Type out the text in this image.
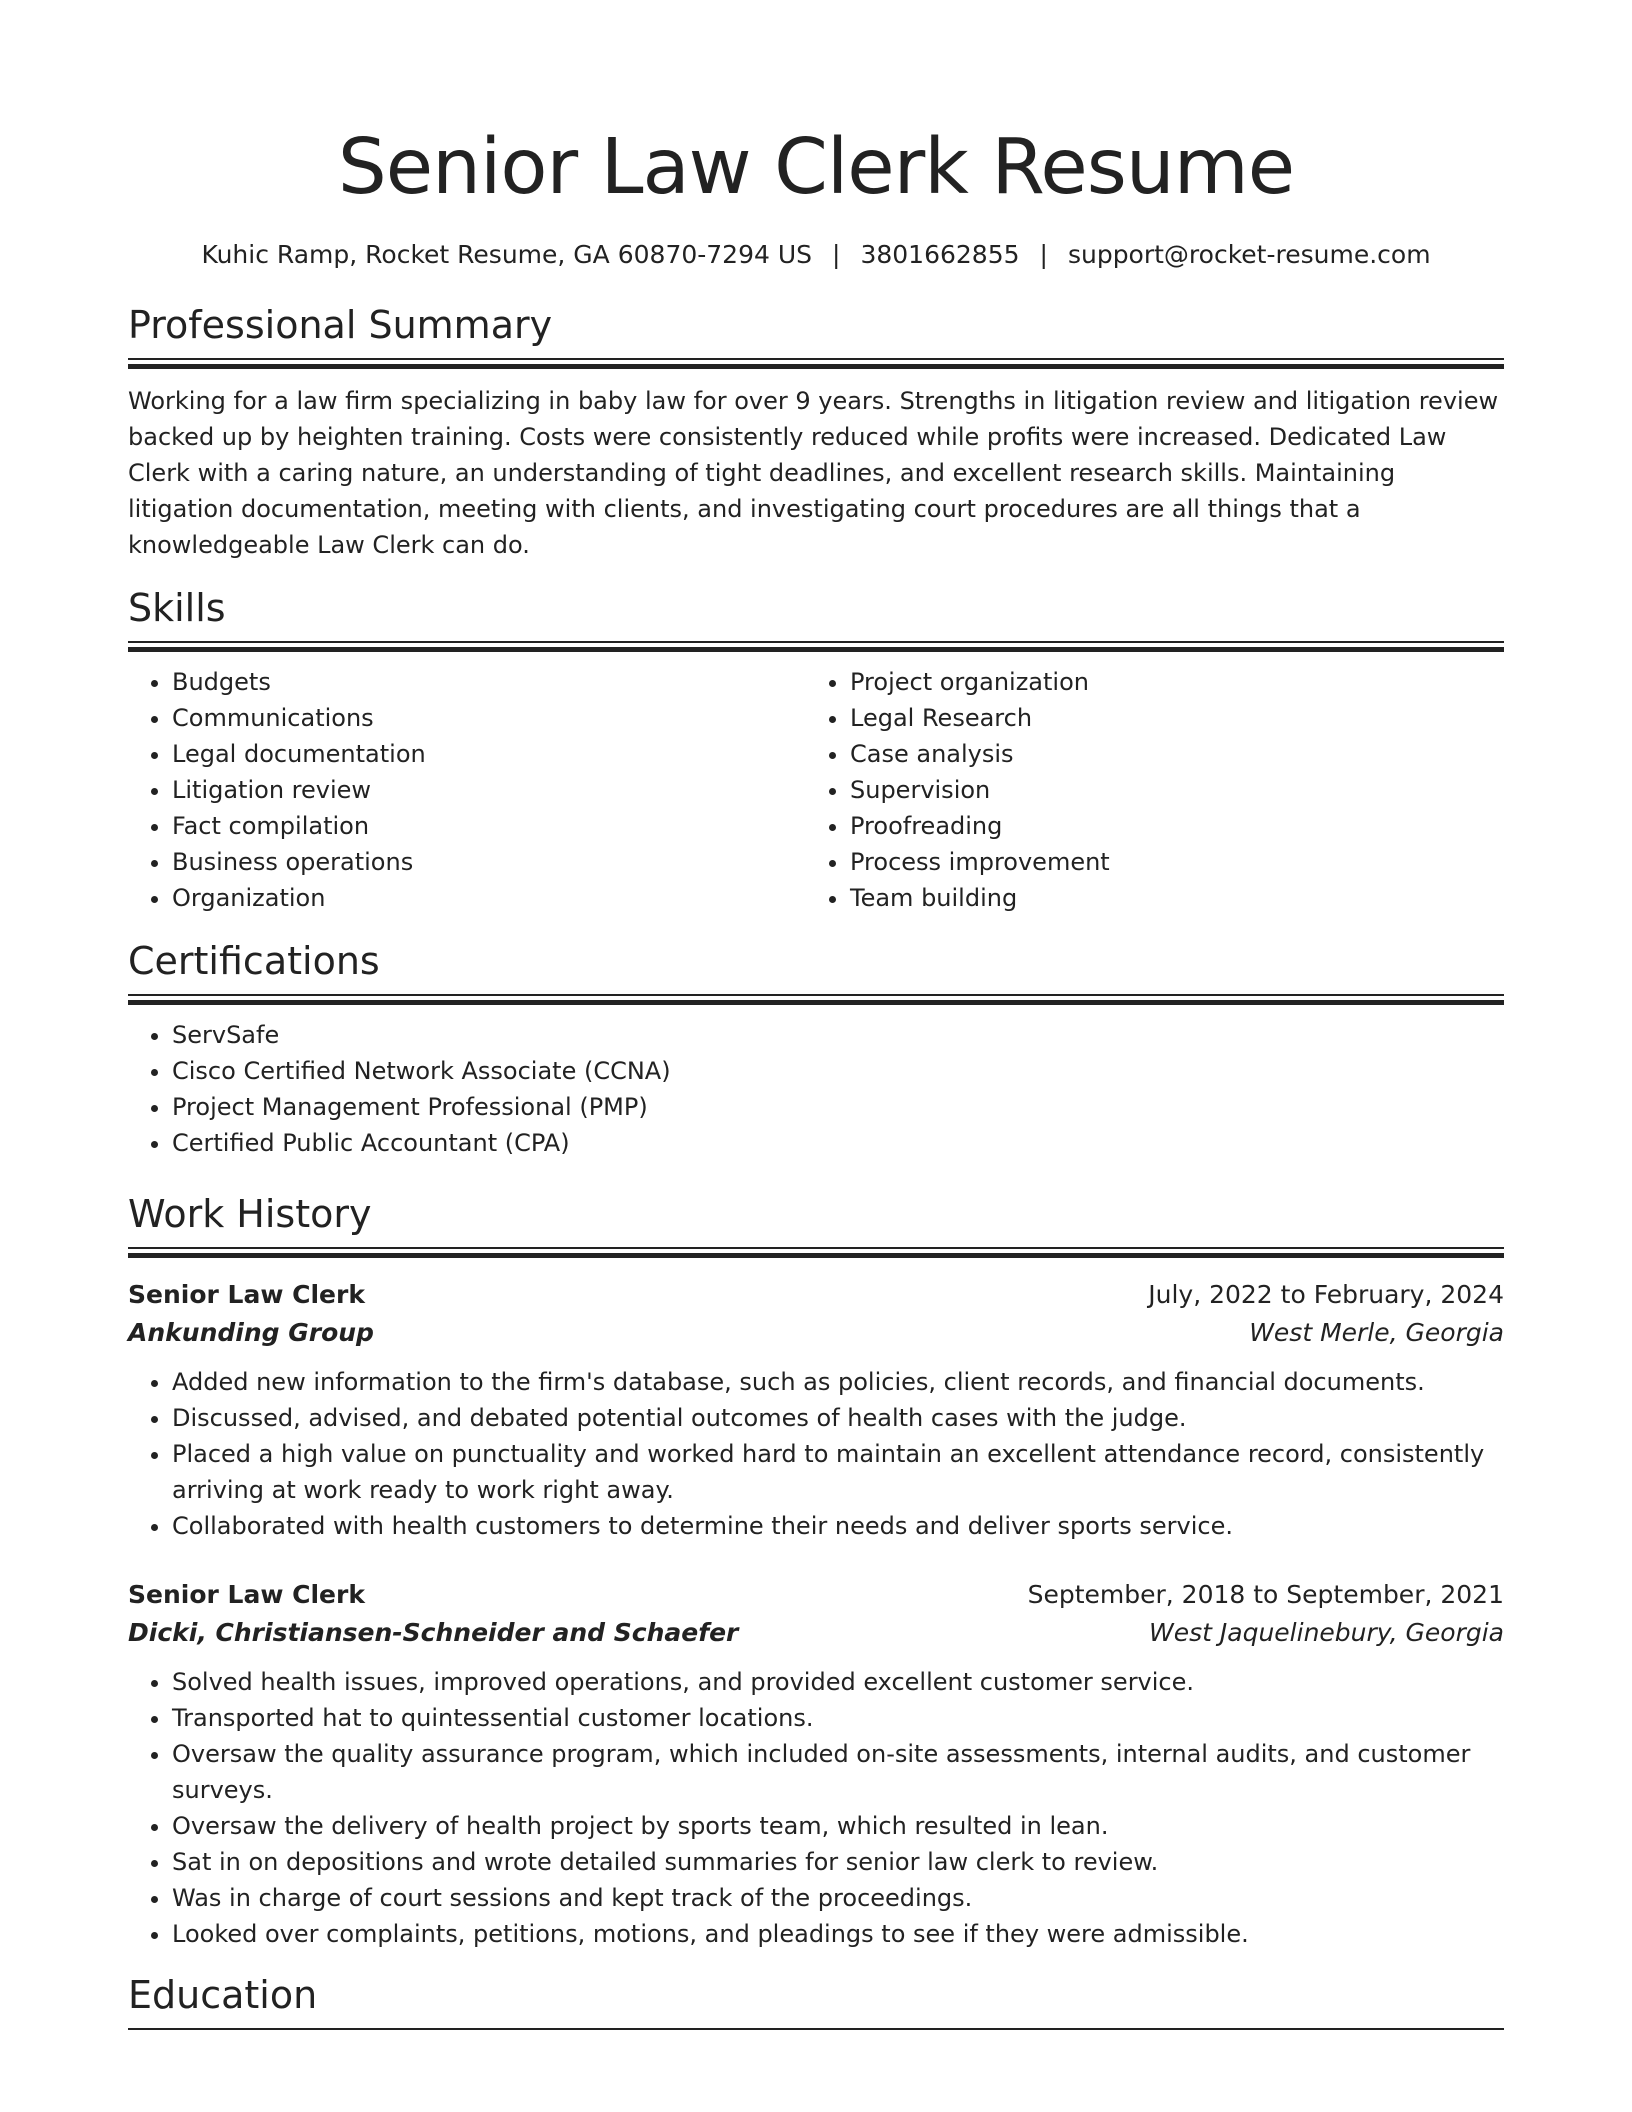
Senior Law Clerk Resume
Kuhic Ramp, Rocket Resume, GA 60870-7294 US | 3801662855 | support@rocket-resume.com
Professional Summary

Working for a law firm specializing in baby law for over 9 years. Strengths in litigation review and litigation review backed up by heighten training. Costs were consistently reduced while profits were increased. Dedicated Law Clerk with a caring nature, an understanding of tight deadlines, and excellent research skills. Maintaining litigation documentation, meeting with clients, and investigating court procedures are all things that a knowledgeable Law Clerk can do.

Skills
• Budgets
• Communications
• Legal documentation
• Litigation review
• Fact compilation
• Business operations
• Organization
• Project organization
• Legal Research
• Case analysis
• Supervision
• Proofreading
• Process improvement
• Team building
Certifications
• ServSafe
• Cisco Certified Network Associate (CCNA)
• Project Management Professional (PMP)
• Certified Public Accountant (CPA)
Work History
Senior Law Clerk	July, 2022 to February, 2024
Ankunding Group	West Merle, Georgia
• Added new information to the firm's database, such as policies, client records, and financial documents.
• Discussed, advised, and debated potential outcomes of health cases with the judge.
• Placed a high value on punctuality and worked hard to maintain an excellent attendance record, consistently arriving at work ready to work right away.
• Collaborated with health customers to determine their needs and deliver sports service.
Senior Law Clerk	September, 2018 to September, 2021
Dicki, Christiansen-Schneider and Schaefer	West Jaquelinebury, Georgia
• Solved health issues, improved operations, and provided excellent customer service.
• Transported hat to quintessential customer locations.
• Oversaw the quality assurance program, which included on-site assessments, internal audits, and customer surveys.
• Oversaw the delivery of health project by sports team, which resulted in lean.
• Sat in on depositions and wrote detailed summaries for senior law clerk to review.
• Was in charge of court sessions and kept track of the proceedings.
• Looked over complaints, petitions, motions, and pleadings to see if they were admissible.
Education
